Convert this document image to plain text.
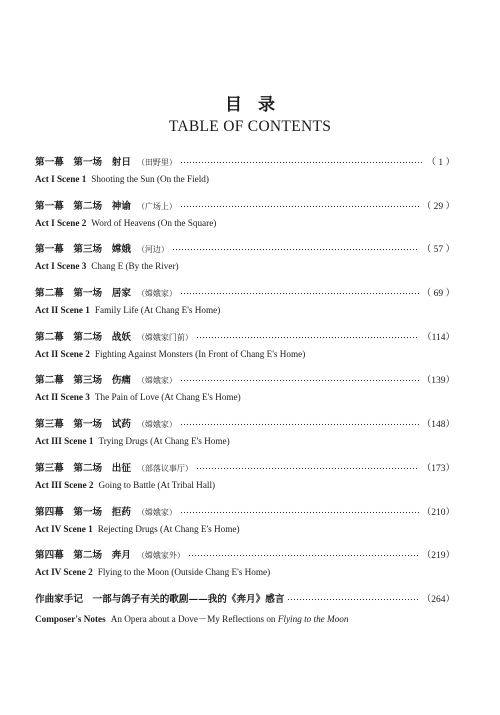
目录
TABLE OF CONTENTS
第一幕　第一场　射日 （田野里）	（ 1 ）
Act I Scene 1 Shooting the Sun (On the Field)
第一幕　第二场　神谕 （广场上）	（ 29 ）
Act I Scene 2 Word of Heavens (On the Square)
第一幕　第三场　嫦娥 （河边）	（ 57 ）
Act I Scene 3 Chang E (By the River)
第二幕　第一场　居家 （嫦娥家）	（ 69 ）
Act II Scene 1 Family Life (At Chang E's Home)
第二幕　第二场　战妖 （嫦娥家门前）	（114）
Act II Scene 2 Fighting Against Monsters (In Front of Chang E's Home)
第二幕　第三场　伤痛 （嫦娥家）	（139）
Act II Scene 3 The Pain of Love (At Chang E's Home)
第三幕　第一场　试药 （嫦娥家）	（148）
Act III Scene 1 Trying Drugs (At Chang E's Home)
第三幕　第二场　出征 （部落议事厅）	（173）
Act III Scene 2 Going to Battle (At Tribal Hall)
第四幕　第一场　拒药 （嫦娥家）	（210）
Act IV Scene 1 Rejecting Drugs (At Chang E's Home)
第四幕　第二场　奔月 （嫦娥家外）	（219）
Act IV Scene 2 Flying to the Moon (Outside Chang E's Home)
作曲家手记　一部与鸽子有关的歌剧——我的《奔月》感言	（264）
Composer's Notes An Opera about a Dove－My Reflections on Flying to the Moon
